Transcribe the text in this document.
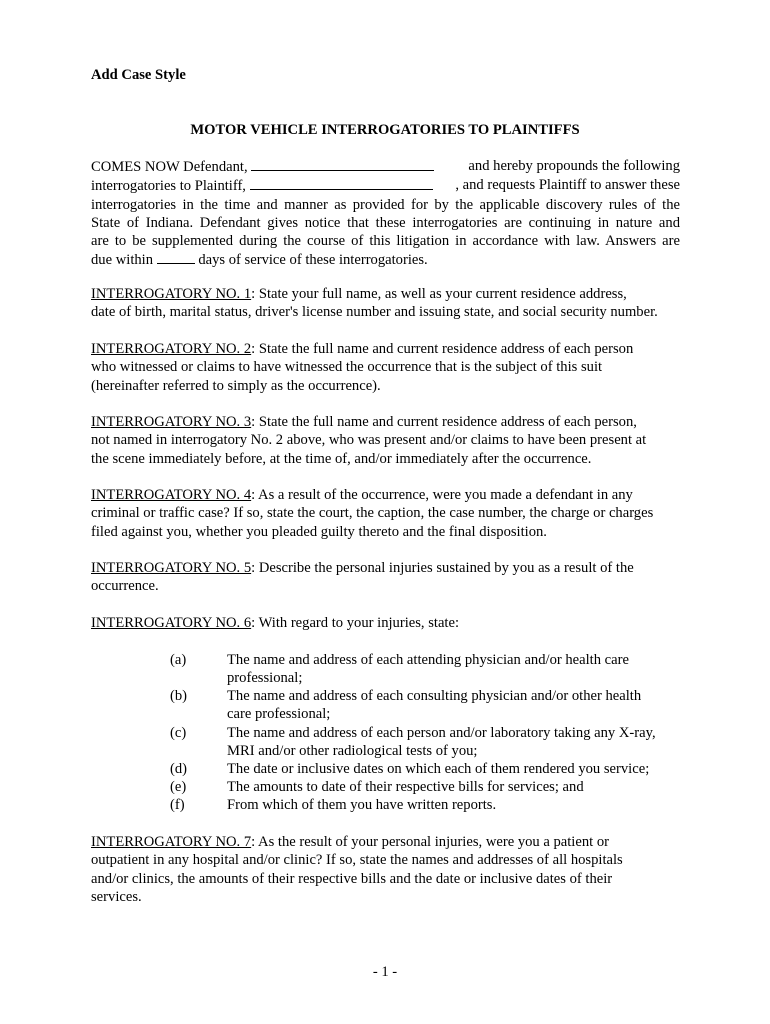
Add Case Style
MOTOR VEHICLE INTERROGATORIES TO PLAINTIFFS
COMES NOW Defendant,	and hereby propounds the following
interrogatories to Plaintiff,	, and requests Plaintiff to answer these
interrogatories in the time and manner as provided for by the applicable discovery rules of the
State of Indiana. Defendant gives notice that these interrogatories are continuing in nature and
are to be supplemented during the course of this litigation in accordance with law. Answers are
due within	days of service of these interrogatories.
INTERROGATORY NO. 1: State your full name, as well as your current residence address,
date of birth, marital status, driver's license number and issuing state, and social security number.
INTERROGATORY NO. 2: State the full name and current residence address of each person
who witnessed or claims to have witnessed the occurrence that is the subject of this suit
(hereinafter referred to simply as the occurrence).
INTERROGATORY NO. 3: State the full name and current residence address of each person,
not named in interrogatory No. 2 above, who was present and/or claims to have been present at
the scene immediately before, at the time of, and/or immediately after the occurrence.
INTERROGATORY NO. 4: As a result of the occurrence, were you made a defendant in any
criminal or traffic case? If so, state the court, the caption, the case number, the charge or charges
filed against you, whether you pleaded guilty thereto and the final disposition.
INTERROGATORY NO. 5: Describe the personal injuries sustained by you as a result of the
occurrence.
INTERROGATORY NO. 6: With regard to your injuries, state:
(a)	The name and address of each attending physician and/or health care
professional;
(b)	The name and address of each consulting physician and/or other health
care professional;
(c)	The name and address of each person and/or laboratory taking any X-ray,
MRI and/or other radiological tests of you;
(d)	The date or inclusive dates on which each of them rendered you service;
(e)	The amounts to date of their respective bills for services; and
(f)	From which of them you have written reports.
INTERROGATORY NO. 7: As the result of your personal injuries, were you a patient or
outpatient in any hospital and/or clinic? If so, state the names and addresses of all hospitals
and/or clinics, the amounts of their respective bills and the date or inclusive dates of their
services.
- 1 -
